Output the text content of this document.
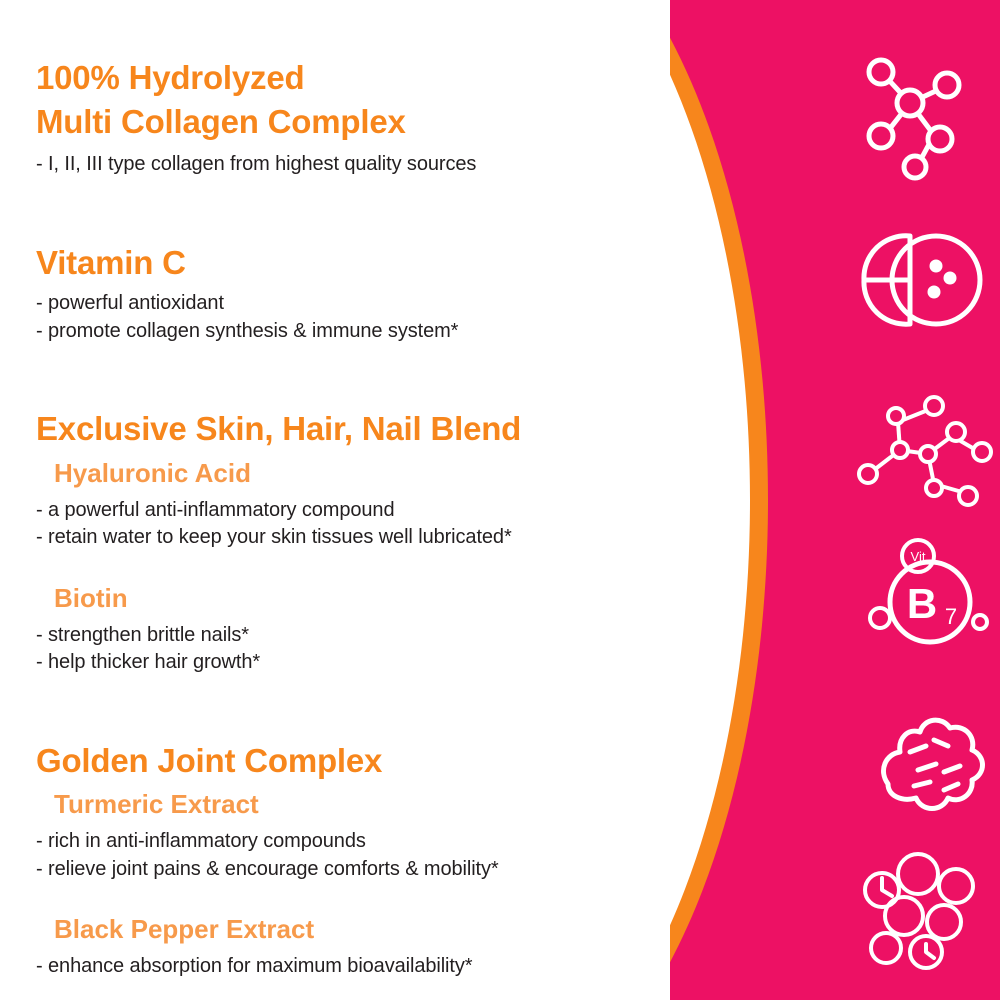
Vit
B 7
100% Hydrolyzed
Multi Collagen Complex
- I, II, III type collagen from highest quality sources
Vitamin C
- powerful antioxidant
- promote collagen synthesis & immune system*
Exclusive Skin, Hair, Nail Blend
Hyaluronic Acid
- a powerful anti-inflammatory compound
- retain water to keep your skin tissues well lubricated*
Biotin
- strengthen brittle nails*
- help thicker hair growth*
Golden Joint Complex
Turmeric Extract
- rich in anti-inflammatory compounds
- relieve joint pains & encourage comforts & mobility*
Black Pepper Extract
- enhance absorption for maximum bioavailability*
